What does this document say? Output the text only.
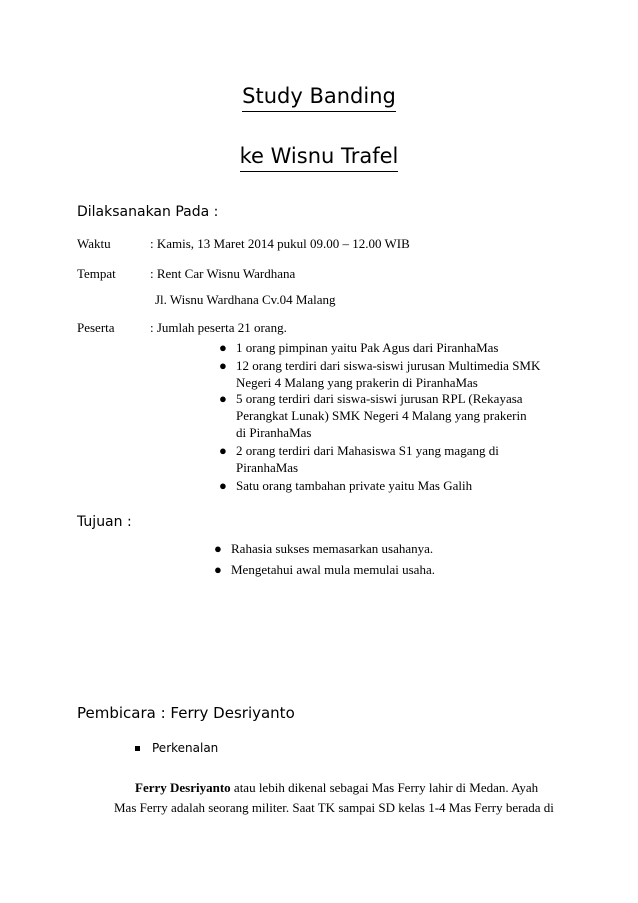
Study Banding
ke Wisnu Trafel
Dilaksanakan Pada :
Waktu	: Kamis, 13 Maret 2014 pukul 09.00 – 12.00 WIB
Tempat	: Rent Car Wisnu Wardhana
Jl. Wisnu Wardhana Cv.04 Malang
Peserta	: Jumlah peserta 21 orang.
● 1 orang pimpinan yaitu Pak Agus dari PiranhaMas
● 12 orang terdiri dari siswa-siswi jurusan Multimedia SMK Negeri 4 Malang yang prakerin di PiranhaMas
● 5 orang terdiri dari siswa-siswi jurusan RPL (Rekayasa Perangkat Lunak) SMK Negeri 4 Malang yang prakerin di PiranhaMas
● 2 orang terdiri dari Mahasiswa S1 yang magang di PiranhaMas
● Satu orang tambahan private yaitu Mas Galih
Tujuan :
● Rahasia sukses memasarkan usahanya.
● Mengetahui awal mula memulai usaha.
Pembicara : Ferry Desriyanto
Perkenalan
Ferry Desriyanto atau lebih dikenal sebagai Mas Ferry lahir di Medan. Ayah
Mas Ferry adalah seorang militer. Saat TK sampai SD kelas 1-4 Mas Ferry berada di
